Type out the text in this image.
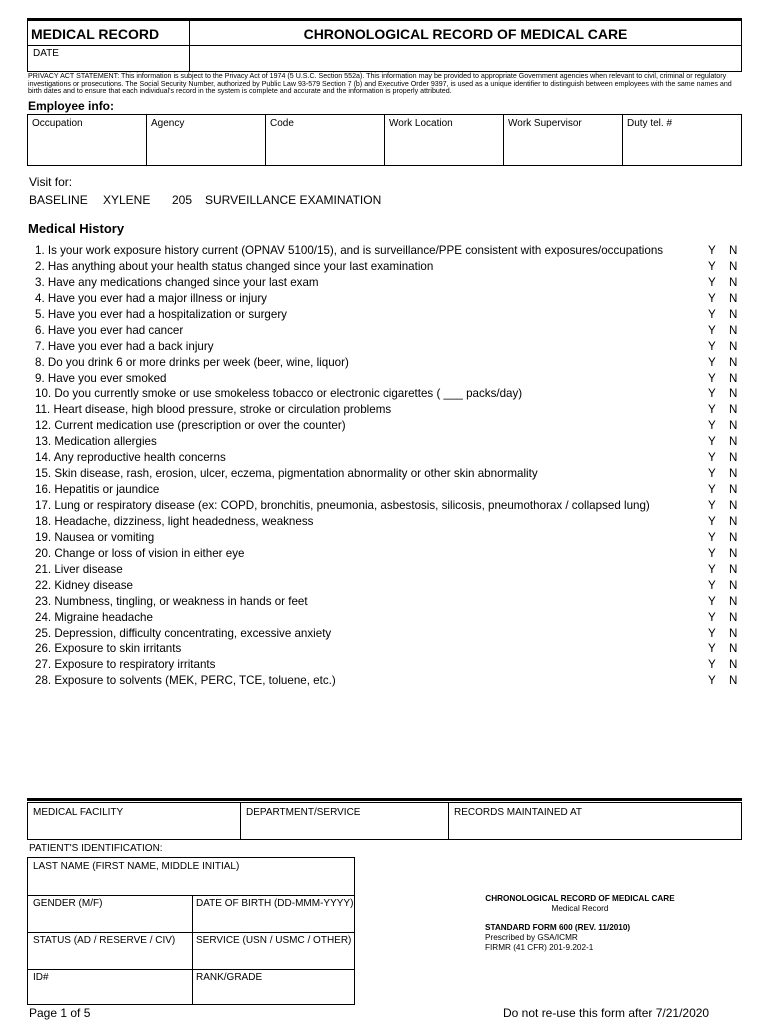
MEDICAL RECORD
DATE
CHRONOLOGICAL RECORD OF MEDICAL CARE
PRIVACY ACT STATEMENT: This information is subject to the Privacy Act of 1974 (5 U.S.C. Section 552a). This information may be provided to appropriate Government agencies when relevant to civil, criminal or regulatory investigations or prosecutions. The Social Security Number, authorized by Public Law 93-579 Section 7 (b) and Executive Order 9397, is used as a unique identifier to distinguish between employees with the same names and birth dates and to ensure that each individual's record in the system is complete and accurate and the information is properly attributed.
Employee info:
Occupation	Agency	Code	Work Location	Work Supervisor	Duty tel. #
Visit for:
BASELINE XYLENE 205 SURVEILLANCE EXAMINATION
Medical History
1. Is your work exposure history current (OPNAV 5100/15), and is surveillance/PPE consistent with exposures/occupations	Y N
2. Has anything about your health status changed since your last examination	Y N
3. Have any medications changed since your last exam	Y N
4. Have you ever had a major illness or injury	Y N
5. Have you ever had a hospitalization or surgery	Y N
6. Have you ever had cancer	Y N
7. Have you ever had a back injury	Y N
8. Do you drink 6 or more drinks per week (beer, wine, liquor)	Y N
9. Have you ever smoked	Y N
10. Do you currently smoke or use smokeless tobacco or electronic cigarettes ( ___ packs/day)	Y N
11. Heart disease, high blood pressure, stroke or circulation problems	Y N
12. Current medication use (prescription or over the counter)	Y N
13. Medication allergies	Y N
14. Any reproductive health concerns	Y N
15. Skin disease, rash, erosion, ulcer, eczema, pigmentation abnormality or other skin abnormality	Y N
16. Hepatitis or jaundice	Y N
17. Lung or respiratory disease (ex: COPD, bronchitis, pneumonia, asbestosis, silicosis, pneumothorax / collapsed lung)	Y N
18. Headache, dizziness, light headedness, weakness	Y N
19. Nausea or vomiting	Y N
20. Change or loss of vision in either eye	Y N
21. Liver disease	Y N
22. Kidney disease	Y N
23. Numbness, tingling, or weakness in hands or feet	Y N
24. Migraine headache	Y N
25. Depression, difficulty concentrating, excessive anxiety	Y N
26. Exposure to skin irritants	Y N
27. Exposure to respiratory irritants	Y N
28. Exposure to solvents (MEK, PERC, TCE, toluene, etc.)	Y N
MEDICAL FACILITY	DEPARTMENT/SERVICE	RECORDS MAINTAINED AT
PATIENT'S IDENTIFICATION:
LAST NAME (FIRST NAME, MIDDLE INITIAL)
GENDER (M/F)	DATE OF BIRTH (DD-MMM-YYYY)
STATUS (AD / RESERVE / CIV) SERVICE (USN / USMC / OTHER)
ID#	RANK/GRADE
CHRONOLOGICAL RECORD OF MEDICAL CARE
Medical Record
STANDARD FORM 600 (REV. 11/2010)
Prescribed by GSA/ICMR
FIRMR (41 CFR) 201-9.202-1
Page 1 of 5	Do not re-use this form after 7/21/2020
